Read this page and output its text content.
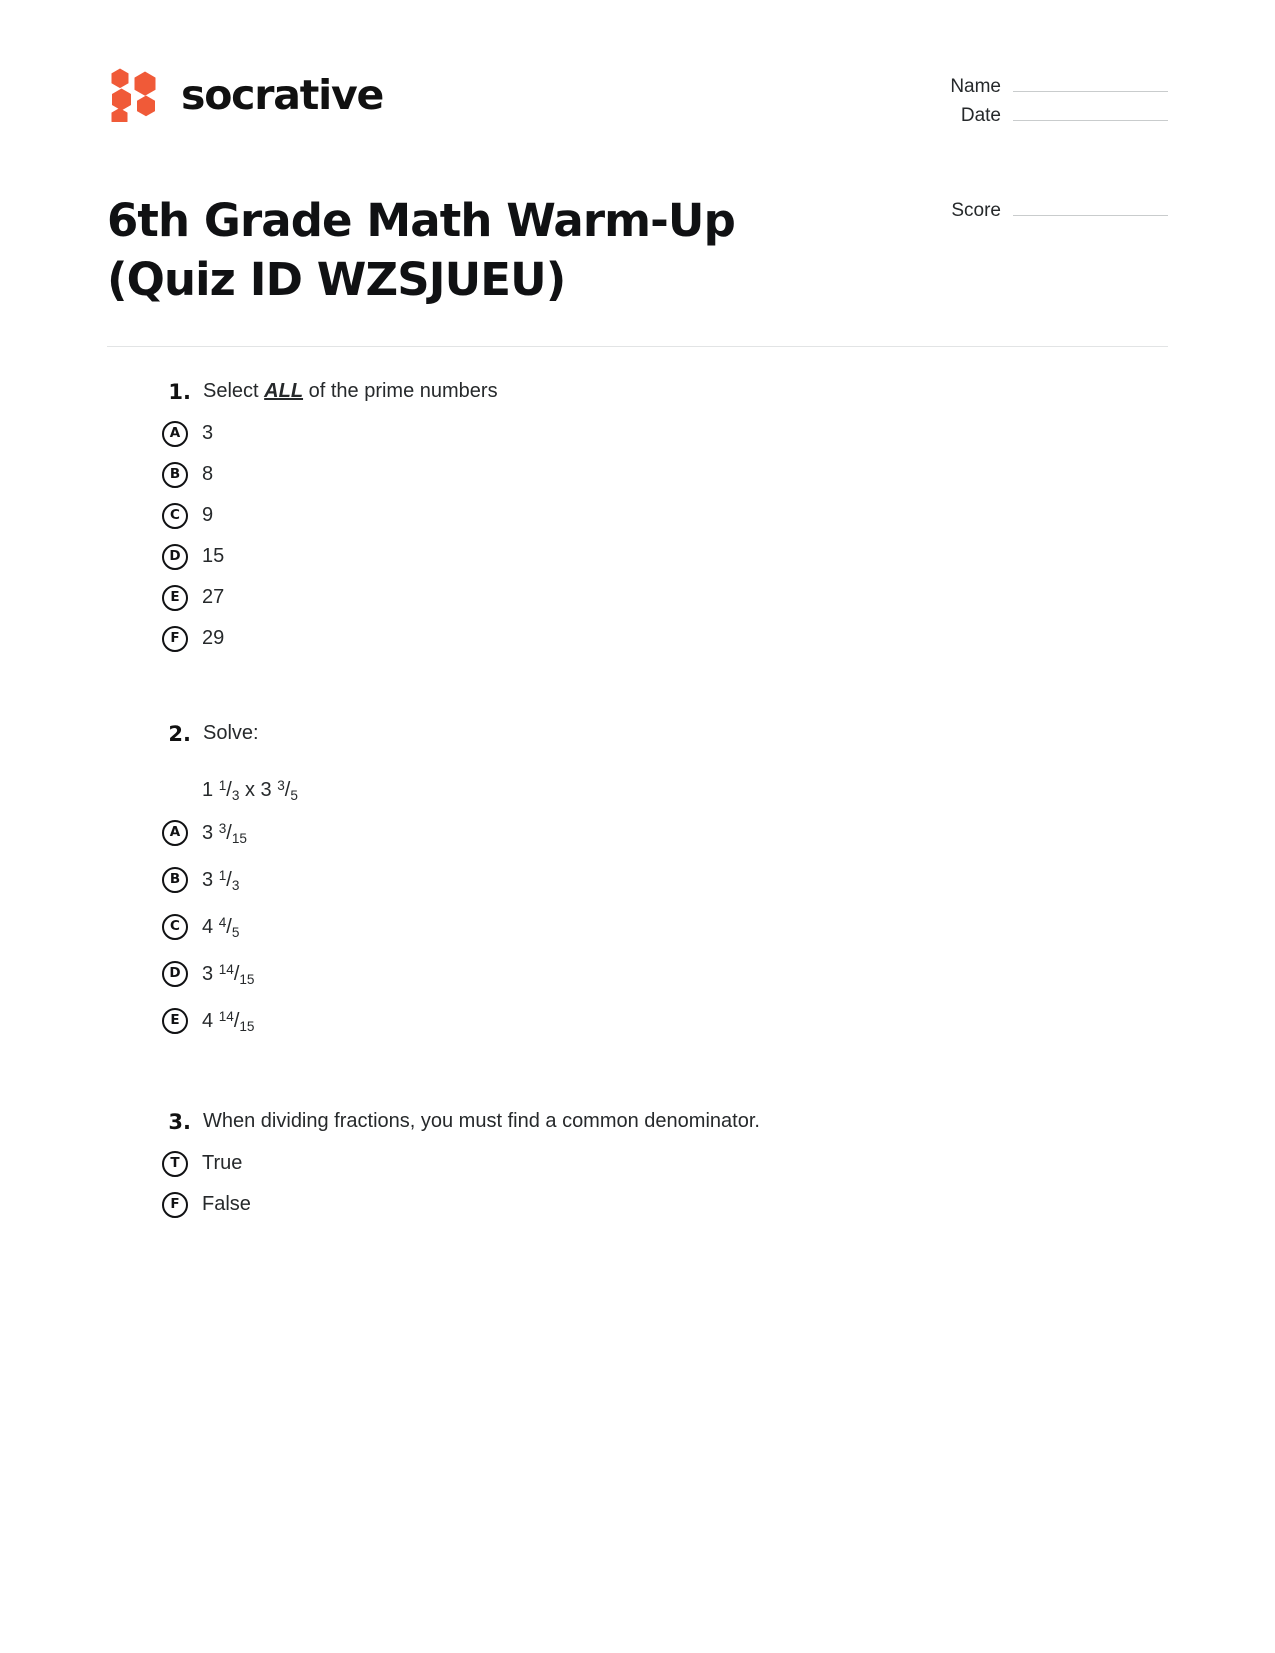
socrative	Name
Date
Score
6th Grade Math Warm-Up (Quiz ID WZSJUEU)
1. Select ALL of the prime numbers
A	3
B	8
C	9
D	15
E	27
F	29
2. Solve:
1 $^1/_3$ x 3 $^3/_5$
A	3 $^3/_{15}$
B	3 $^1/_3$
C	4 $^4/_5$
D	3 $^{14}/_{15}$
E	4 $^{14}/_{15}$
3. When dividing fractions, you must find a common denominator.
T	True
F	False
